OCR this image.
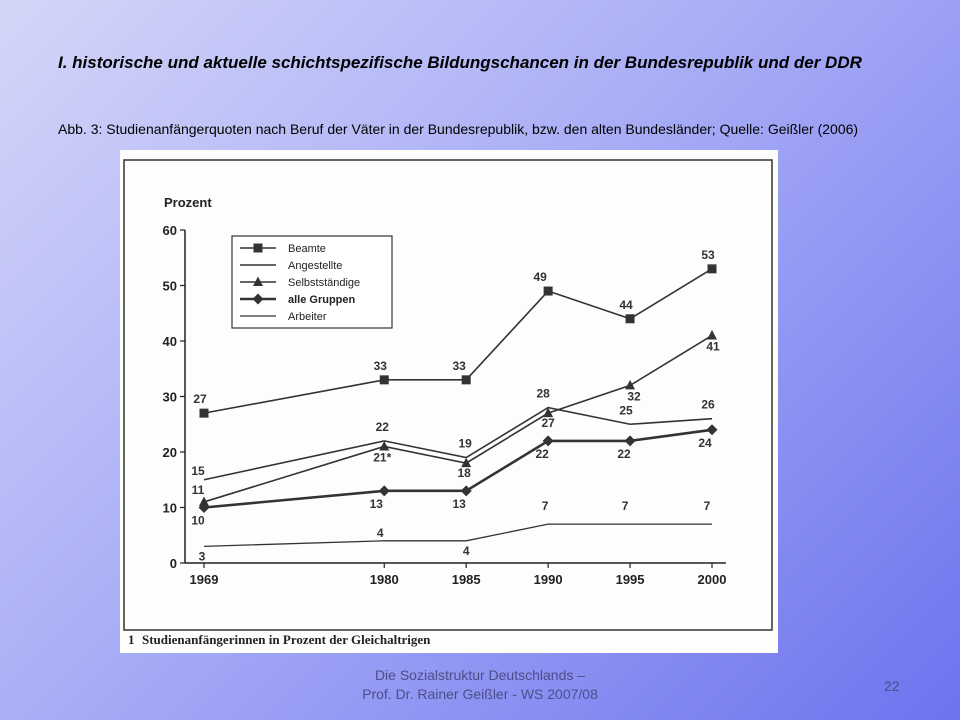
I. historische und aktuelle schichtspezifische Bildungschancen in der Bundesrepublik und der DDR

Abb. 3: Studienanfängerquoten nach Beruf der Väter in der Bundesrepublik, bzw. den alten Bundesländer; Quelle: Geißler (2006)

1 Studienanfängerinnen in Prozent der Gleichaltrigen
Prozent
0
10
20
30
40
50
60
1969	1980	1985	1990	1995	2000
27
33	33
49
44
53
15
22
19
28
25	26
11
21*
18
27
32
41
10
13	13
22	22
24
3
4
4
7	7	7
Beamte
Angestellte
Selbstständige
alle Gruppen
Arbeiter
Die Sozialstruktur Deutschlands –
Prof. Dr. Rainer Geißler - WS 2007/08	22
